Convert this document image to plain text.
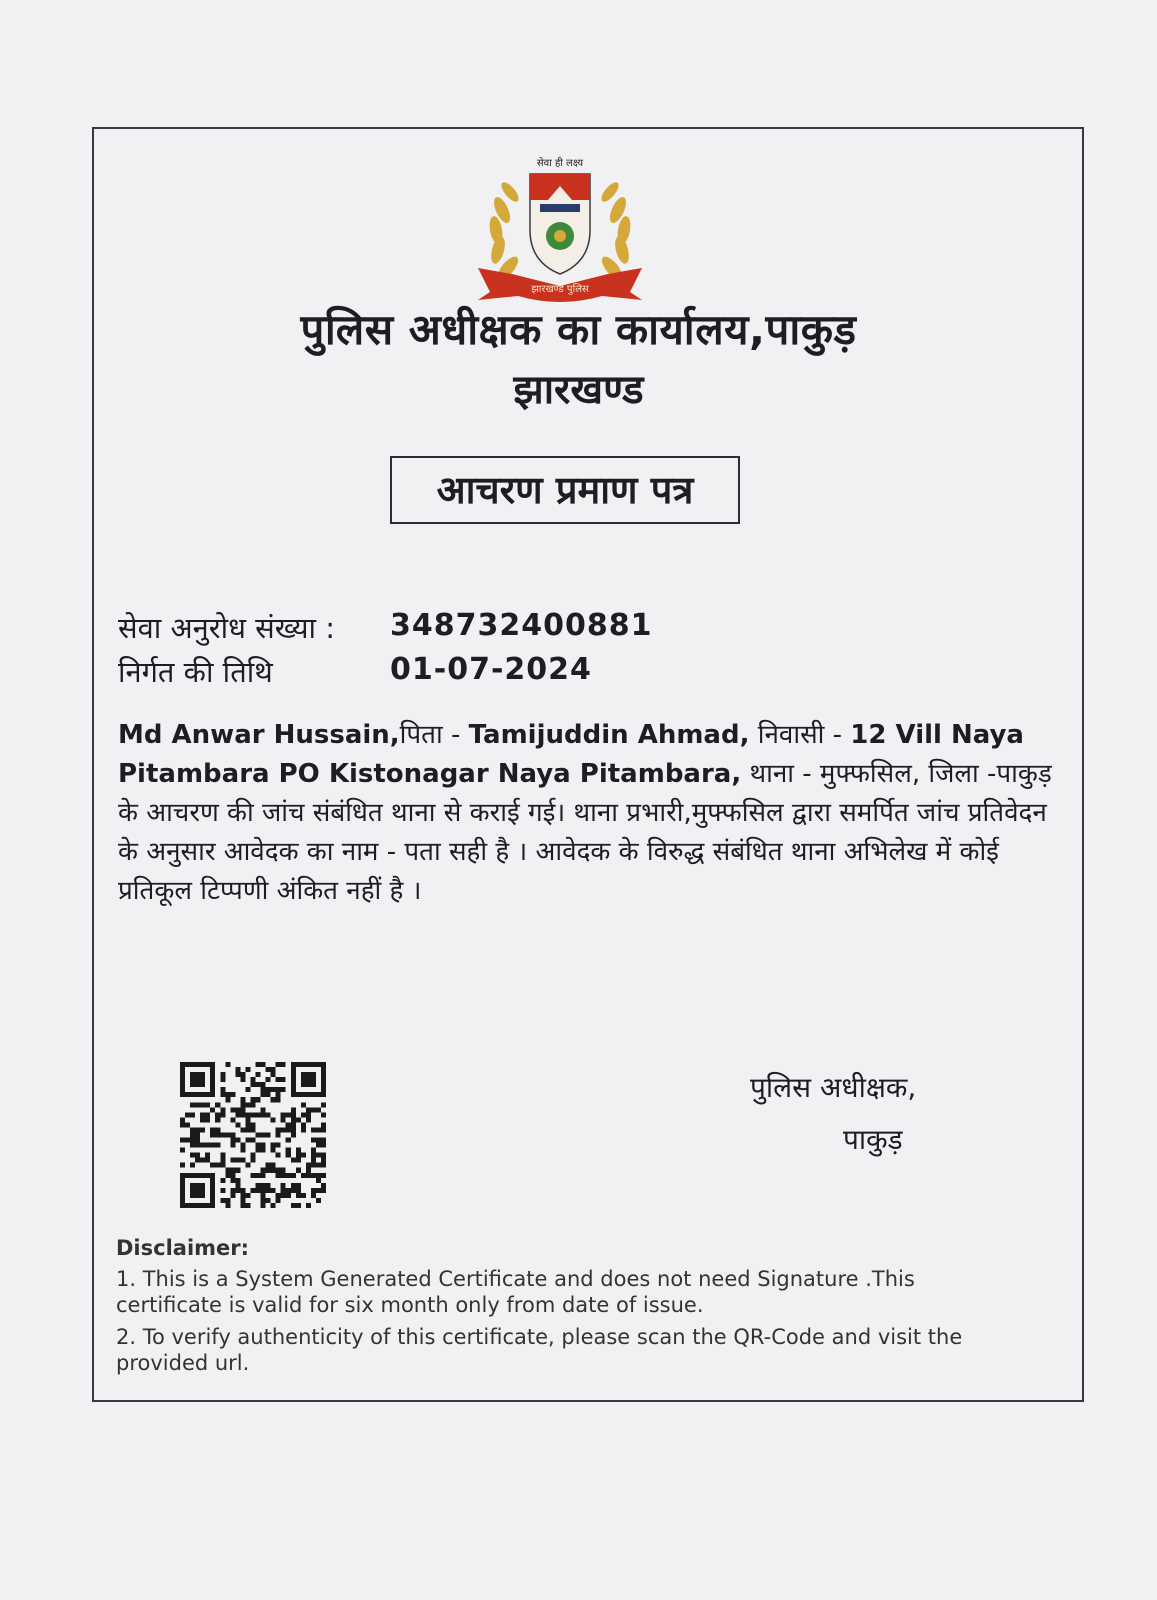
सेवा ही लक्ष्य
झारखण्ड पुलिस
पुलिस अधीक्षक का कार्यालय,पाकुड़
झारखण्ड
आचरण प्रमाण पत्र
सेवा अनुरोध संख्या : 348732400881
निर्गत की तिथि	01-07-2024
Md Anwar Hussain,पिता - Tamijuddin Ahmad, निवासी - 12 Vill Naya Pitambara PO Kistonagar Naya Pitambara, थाना - मुफ्फसिल, जिला -पाकुड़ के आचरण की जांच संबंधित थाना से कराई गई। थाना प्रभारी,मुफ्फसिल द्वारा समर्पित जांच प्रतिवेदन के अनुसार आवेदक का नाम - पता सही है । आवेदक के विरुद्ध संबंधित थाना अभिलेख में कोई प्रतिकूल टिप्पणी अंकित नहीं है ।
पुलिस अधीक्षक,
पाकुड़
Disclaimer:
1. This is a System Generated Certificate and does not need Signature .This certificate is valid for six month only from date of issue.
2. To verify authenticity of this certificate, please scan the QR-Code and visit the provided url.
